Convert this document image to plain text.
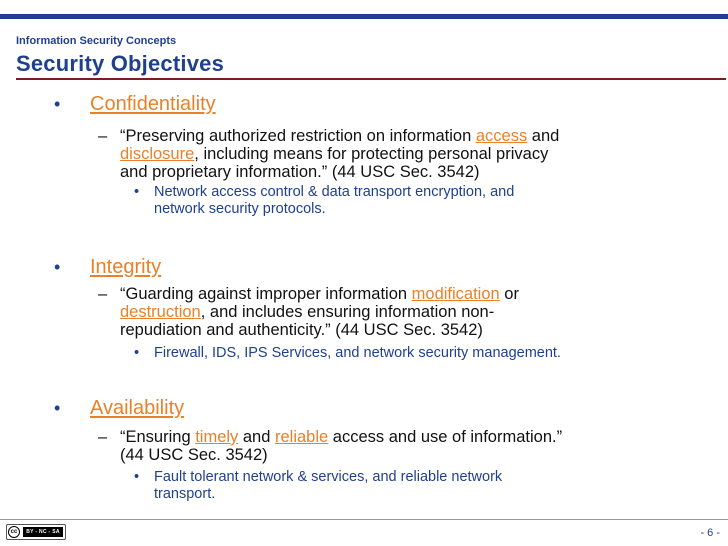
Information Security Concepts
Security Objectives
• Confidentiality
– “Preserving authorized restriction on information access and
disclosure, including means for protecting personal privacy
and proprietary information.” (44 USC Sec. 3542)
• Network access control & data transport encryption, and
network security protocols.
• Integrity
– “Guarding against improper information modification or
destruction, and includes ensuring information non-
repudiation and authenticity.” (44 USC Sec. 3542)
• Firewall, IDS, IPS Services, and network security management.
• Availability
– “Ensuring timely and reliable access and use of information.”
(44 USC Sec. 3542)
• Fault tolerant network & services, and reliable network
transport.
cc	BY - NC - SA	- 6 -
